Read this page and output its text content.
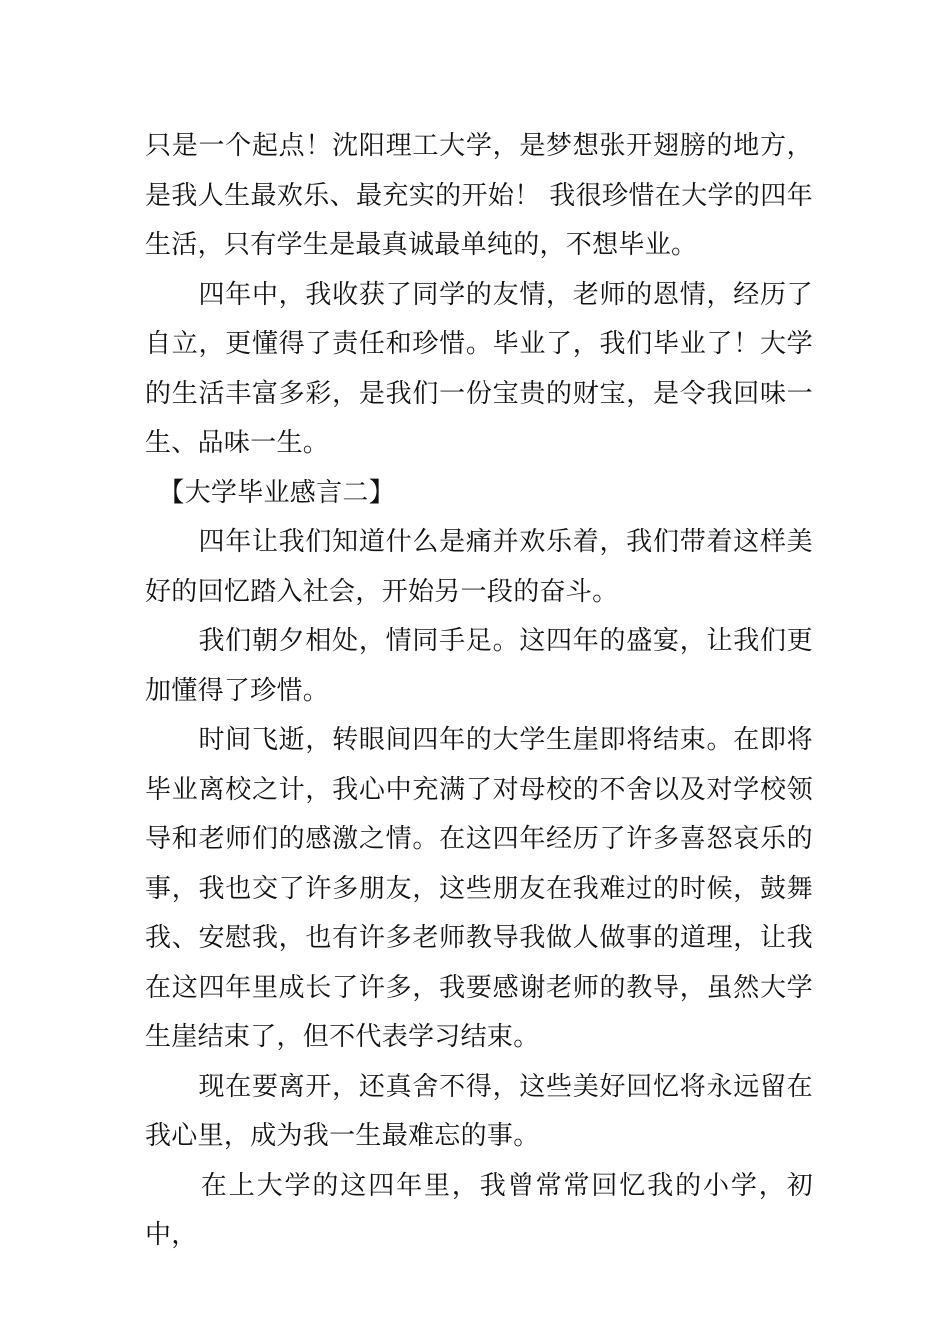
只是一个起点！沈阳理工大学，是梦想张开翅膀的地方，是我人生最欢乐、最充实的开始！ 我很珍惜在大学的四年生活，只有学生是最真诚最单纯的，不想毕业。

　　四年中，我收获了同学的友情，老师的恩情，经历了自立，更懂得了责任和珍惜。毕业了，我们毕业了！大学的生活丰富多彩，是我们一份宝贵的财宝，是令我回味一生、品味一生。

　【大学毕业感言二】

　　四年让我们知道什么是痛并欢乐着，我们带着这样美好的回忆踏入社会，开始另一段的奋斗。

　　我们朝夕相处，情同手足。这四年的盛宴，让我们更加懂得了珍惜。

　　时间飞逝，转眼间四年的大学生崖即将结束。在即将毕业离校之计，我心中充满了对母校的不舍以及对学校领导和老师们的感激之情。在这四年经历了许多喜怒哀乐的事，我也交了许多朋友，这些朋友在我难过的时候，鼓舞我、安慰我，也有许多老师教导我做人做事的道理，让我在这四年里成长了许多，我要感谢老师的教导，虽然大学生崖结束了，但不代表学习结束。

　　现在要离开，还真舍不得，这些美好回忆将永远留在我心里，成为我一生最难忘的事。

　　在上大学的这四年里，我曾常常回忆我的小学，初中，
